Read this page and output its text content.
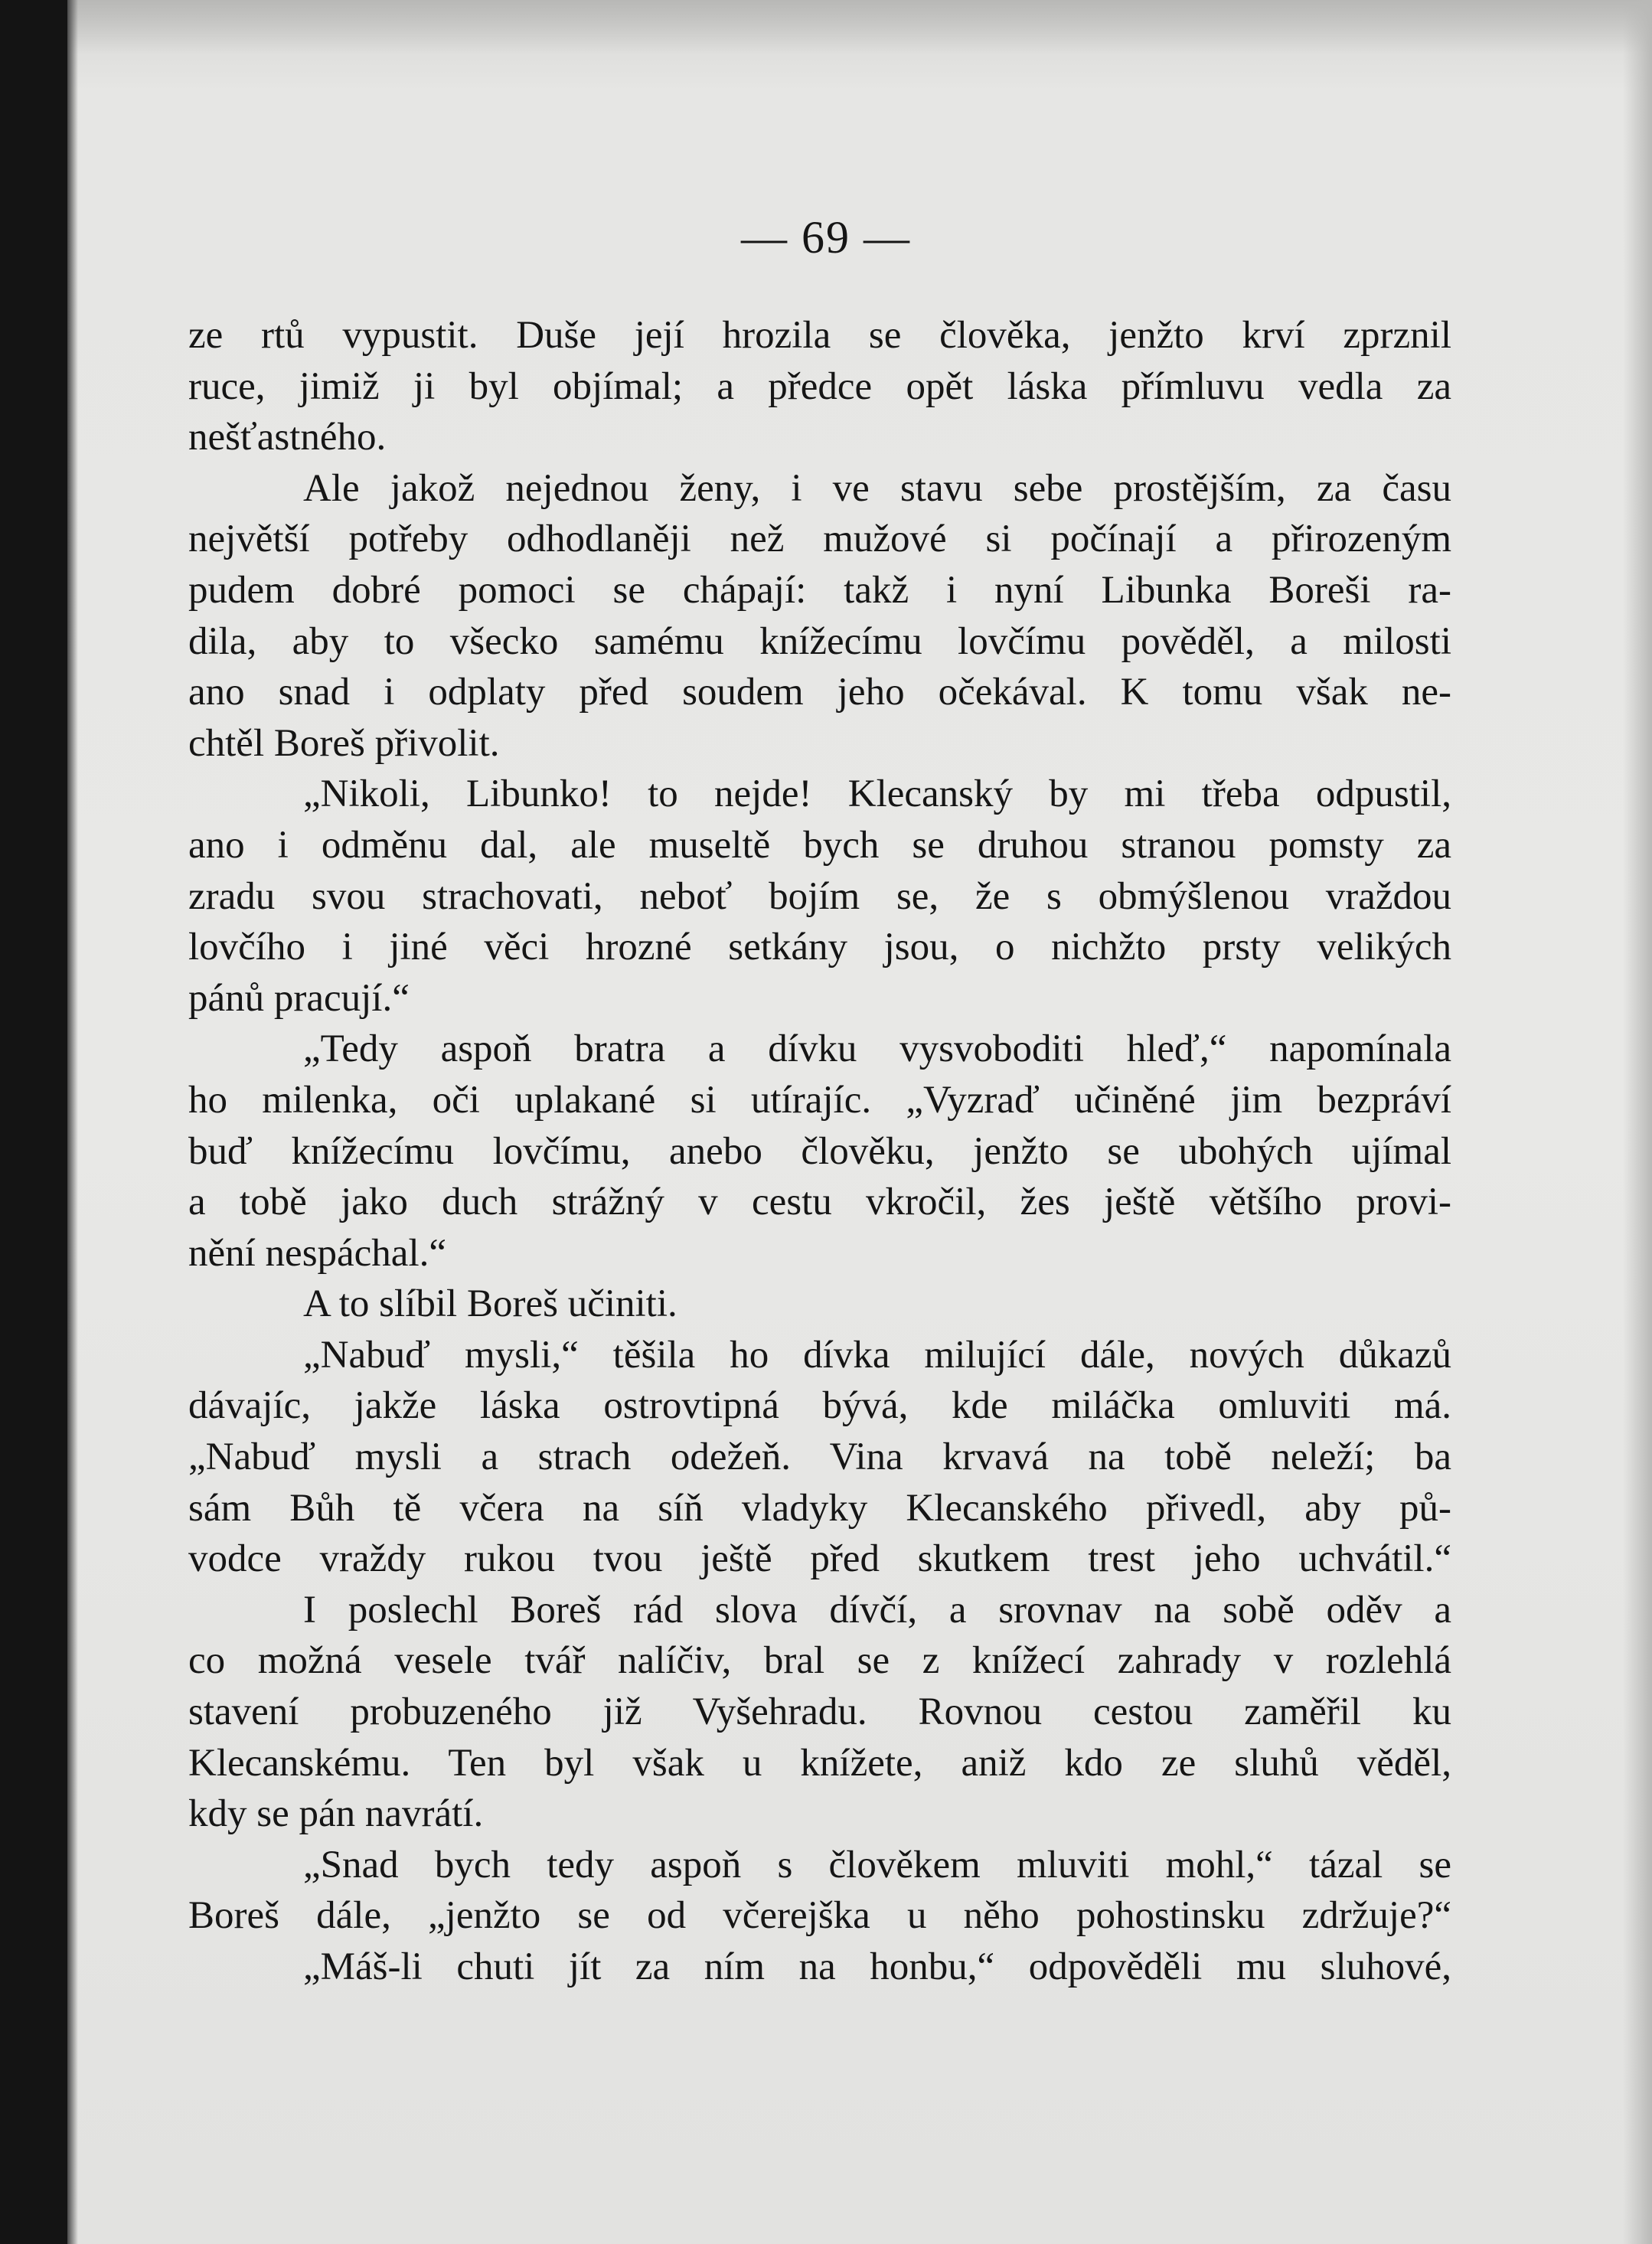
— 69 —
ze rtů vypustit. Duše její hrozila se člověka, jenžto krví zprznil
ruce, jimiž ji byl objímal; a předce opět láska přímluvu vedla za
nešťastného.
Ale jakož nejednou ženy, i ve stavu sebe prostějším, za času
největší potřeby odhodlaněji než mužové si počínají a přirozeným
pudem dobré pomoci se chápají: takž i nyní Libunka Boreši ra-
dila, aby to všecko samému knížecímu lovčímu pověděl, a milosti
ano snad i odplaty před soudem jeho očekával. K tomu však ne-
chtěl Boreš přivolit.
„Nikoli, Libunko! to nejde! Klecanský by mi třeba odpustil,
ano i odměnu dal, ale museltě bych se druhou stranou pomsty za
zradu svou strachovati, neboť bojím se, že s obmýšlenou vraždou
lovčího i jiné věci hrozné setkány jsou, o nichžto prsty velikých
pánů pracují.“
„Tedy aspoň bratra a dívku vysvoboditi hleď,“ napomínala
ho milenka, oči uplakané si utírajíc. „Vyzraď učiněné jim bezpráví
buď knížecímu lovčímu, anebo člověku, jenžto se ubohých ujímal
a tobě jako duch strážný v cestu vkročil, žes ještě většího provi-
nění nespáchal.“
A to slíbil Boreš učiniti.
„Nabuď mysli,“ těšila ho dívka milující dále, nových důkazů
dávajíc, jakže láska ostrovtipná bývá, kde miláčka omluviti má.
„Nabuď mysli a strach odežeň. Vina krvavá na tobě neleží; ba
sám Bůh tě včera na síň vladyky Klecanského přivedl, aby pů-
vodce vraždy rukou tvou ještě před skutkem trest jeho uchvátil.“
I poslechl Boreš rád slova dívčí, a srovnav na sobě oděv a
co možná vesele tvář nalíčiv, bral se z knížecí zahrady v rozlehlá
stavení probuzeného již Vyšehradu. Rovnou cestou zaměřil ku
Klecanskému. Ten byl však u knížete, aniž kdo ze sluhů věděl,
kdy se pán navrátí.
„Snad bych tedy aspoň s člověkem mluviti mohl,“ tázal se
Boreš dále, „jenžto se od včerejška u něho pohostinsku zdržuje?“
„Máš-li chuti jít za ním na honbu,“ odpověděli mu sluhové,
